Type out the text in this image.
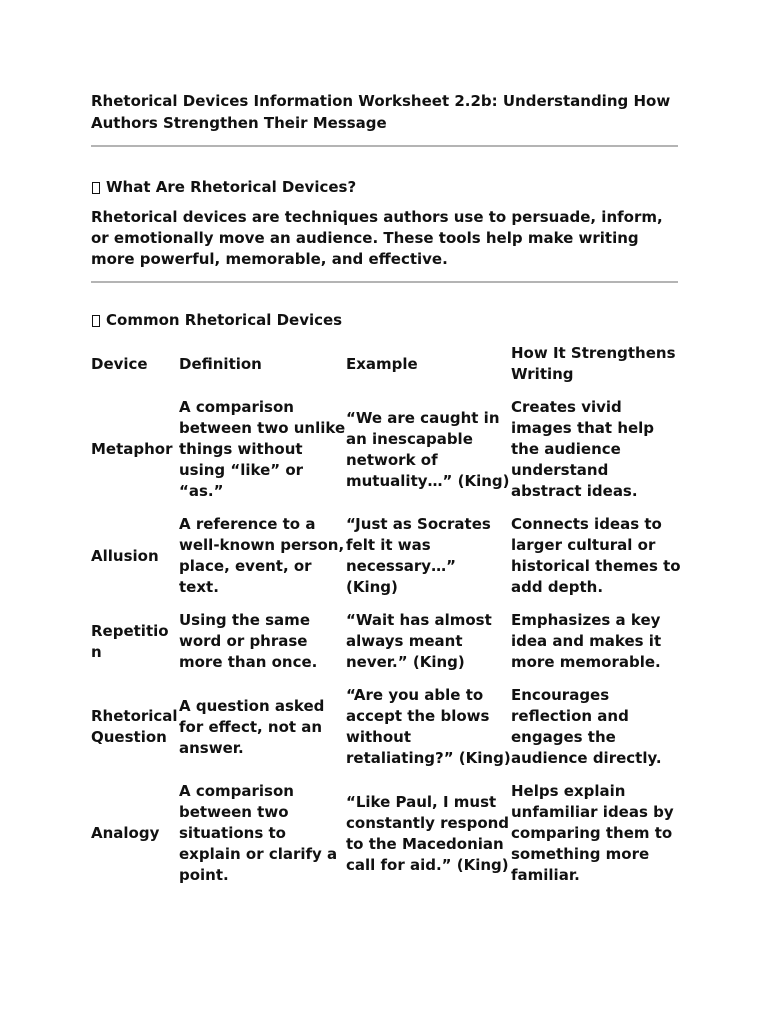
Rhetorical Devices Information Worksheet 2.2b: Understanding How Authors Strengthen Their Message
What Are Rhetorical Devices?

Rhetorical devices are techniques authors use to persuade, inform, or emotionally move an audience. These tools help make writing more powerful, memorable, and effective.

Common Rhetorical Devices
Device	Definition	Example	How It Strengthens Writing
Metaphor	A comparison between two unlike things without using “like” or “as.”	“We are caught in an inescapable network of mutuality…” (King)	Creates vivid images that help the audience understand abstract ideas.
Allusion	A reference to a well-known person, place, event, or text.	“Just as Socrates felt it was necessary…” (King)	Connects ideas to larger cultural or historical themes to add depth.
Repetition	Using the same word or phrase more than once.	“Wait has almost always meant never.” (King)	Emphasizes a key idea and makes it more memorable.
Rhetorical Question	A question asked for effect, not an answer.	“Are you able to accept the blows without retaliating?” (King)	Encourages reflection and engages the audience directly.
Analogy	A comparison between two situations to explain or clarify a point.	“Like Paul, I must constantly respond to the Macedonian call for aid.” (King)	Helps explain unfamiliar ideas by comparing them to something more familiar.
